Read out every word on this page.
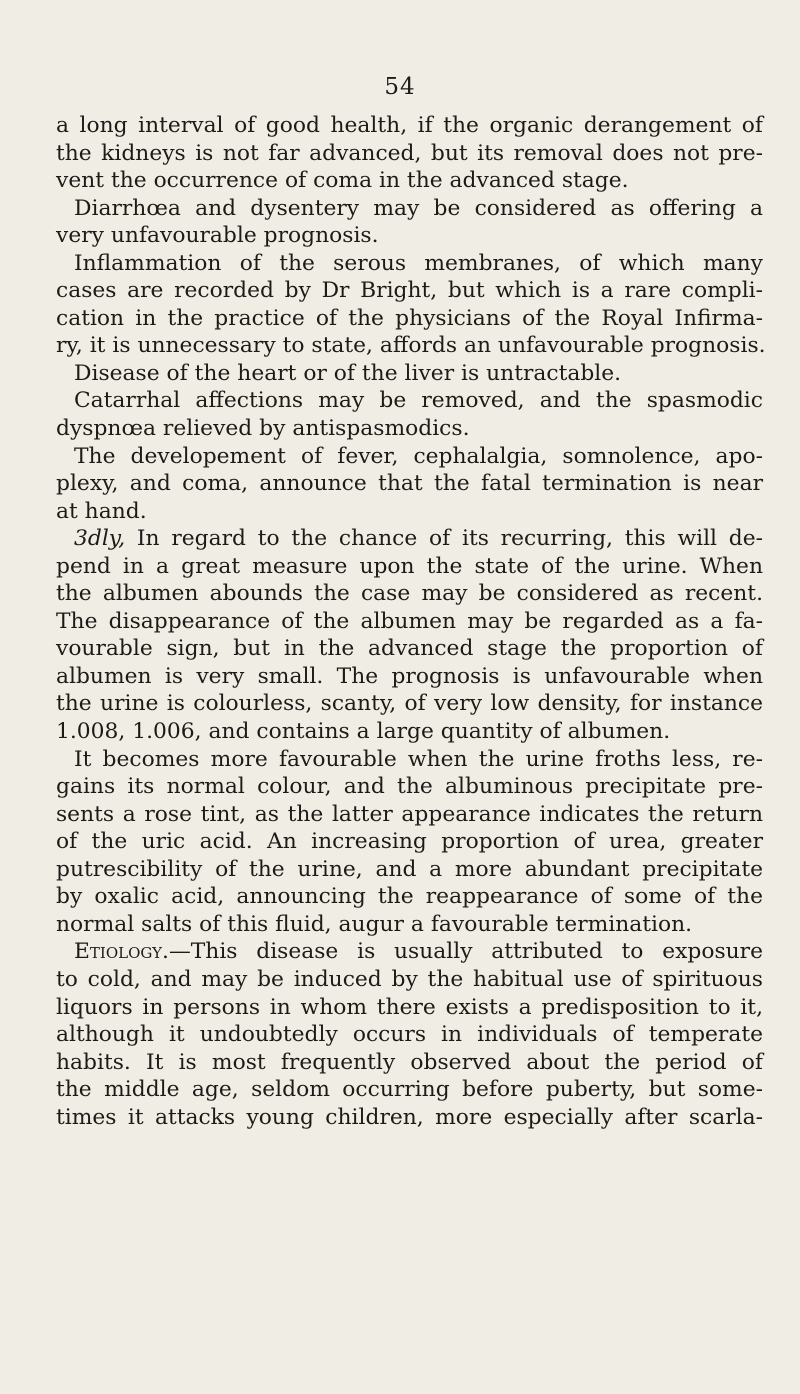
54
a long interval of good health, if the organic derangement of
the kidneys is not far advanced, but its removal does not pre-
vent the occurrence of coma in the advanced stage.
Diarrhœa and dysentery may be considered as offering a
very unfavourable prognosis.
Inflammation of the serous membranes, of which many
cases are recorded by Dr Bright, but which is a rare compli-
cation in the practice of the physicians of the Royal Infirma-
ry, it is unnecessary to state, affords an unfavourable prognosis.
Disease of the heart or of the liver is untractable.
Catarrhal affections may be removed, and the spasmodic
dyspnœa relieved by antispasmodics.
The developement of fever, cephalalgia, somnolence, apo-
plexy, and coma, announce that the fatal termination is near
at hand.
3dly, In regard to the chance of its recurring, this will de-
pend in a great measure upon the state of the urine. When
the albumen abounds the case may be considered as recent.
The disappearance of the albumen may be regarded as a fa-
vourable sign, but in the advanced stage the proportion of
albumen is very small. The prognosis is unfavourable when
the urine is colourless, scanty, of very low density, for instance
1.008, 1.006, and contains a large quantity of albumen.
It becomes more favourable when the urine froths less, re-
gains its normal colour, and the albuminous precipitate pre-
sents a rose tint, as the latter appearance indicates the return
of the uric acid. An increasing proportion of urea, greater
putrescibility of the urine, and a more abundant precipitate
by oxalic acid, announcing the reappearance of some of the
normal salts of this fluid, augur a favourable termination.
Etiology.—This disease is usually attributed to exposure
to cold, and may be induced by the habitual use of spirituous
liquors in persons in whom there exists a predisposition to it,
although it undoubtedly occurs in individuals of temperate
habits. It is most frequently observed about the period of
the middle age, seldom occurring before puberty, but some-
times it attacks young children, more especially after scarla-
